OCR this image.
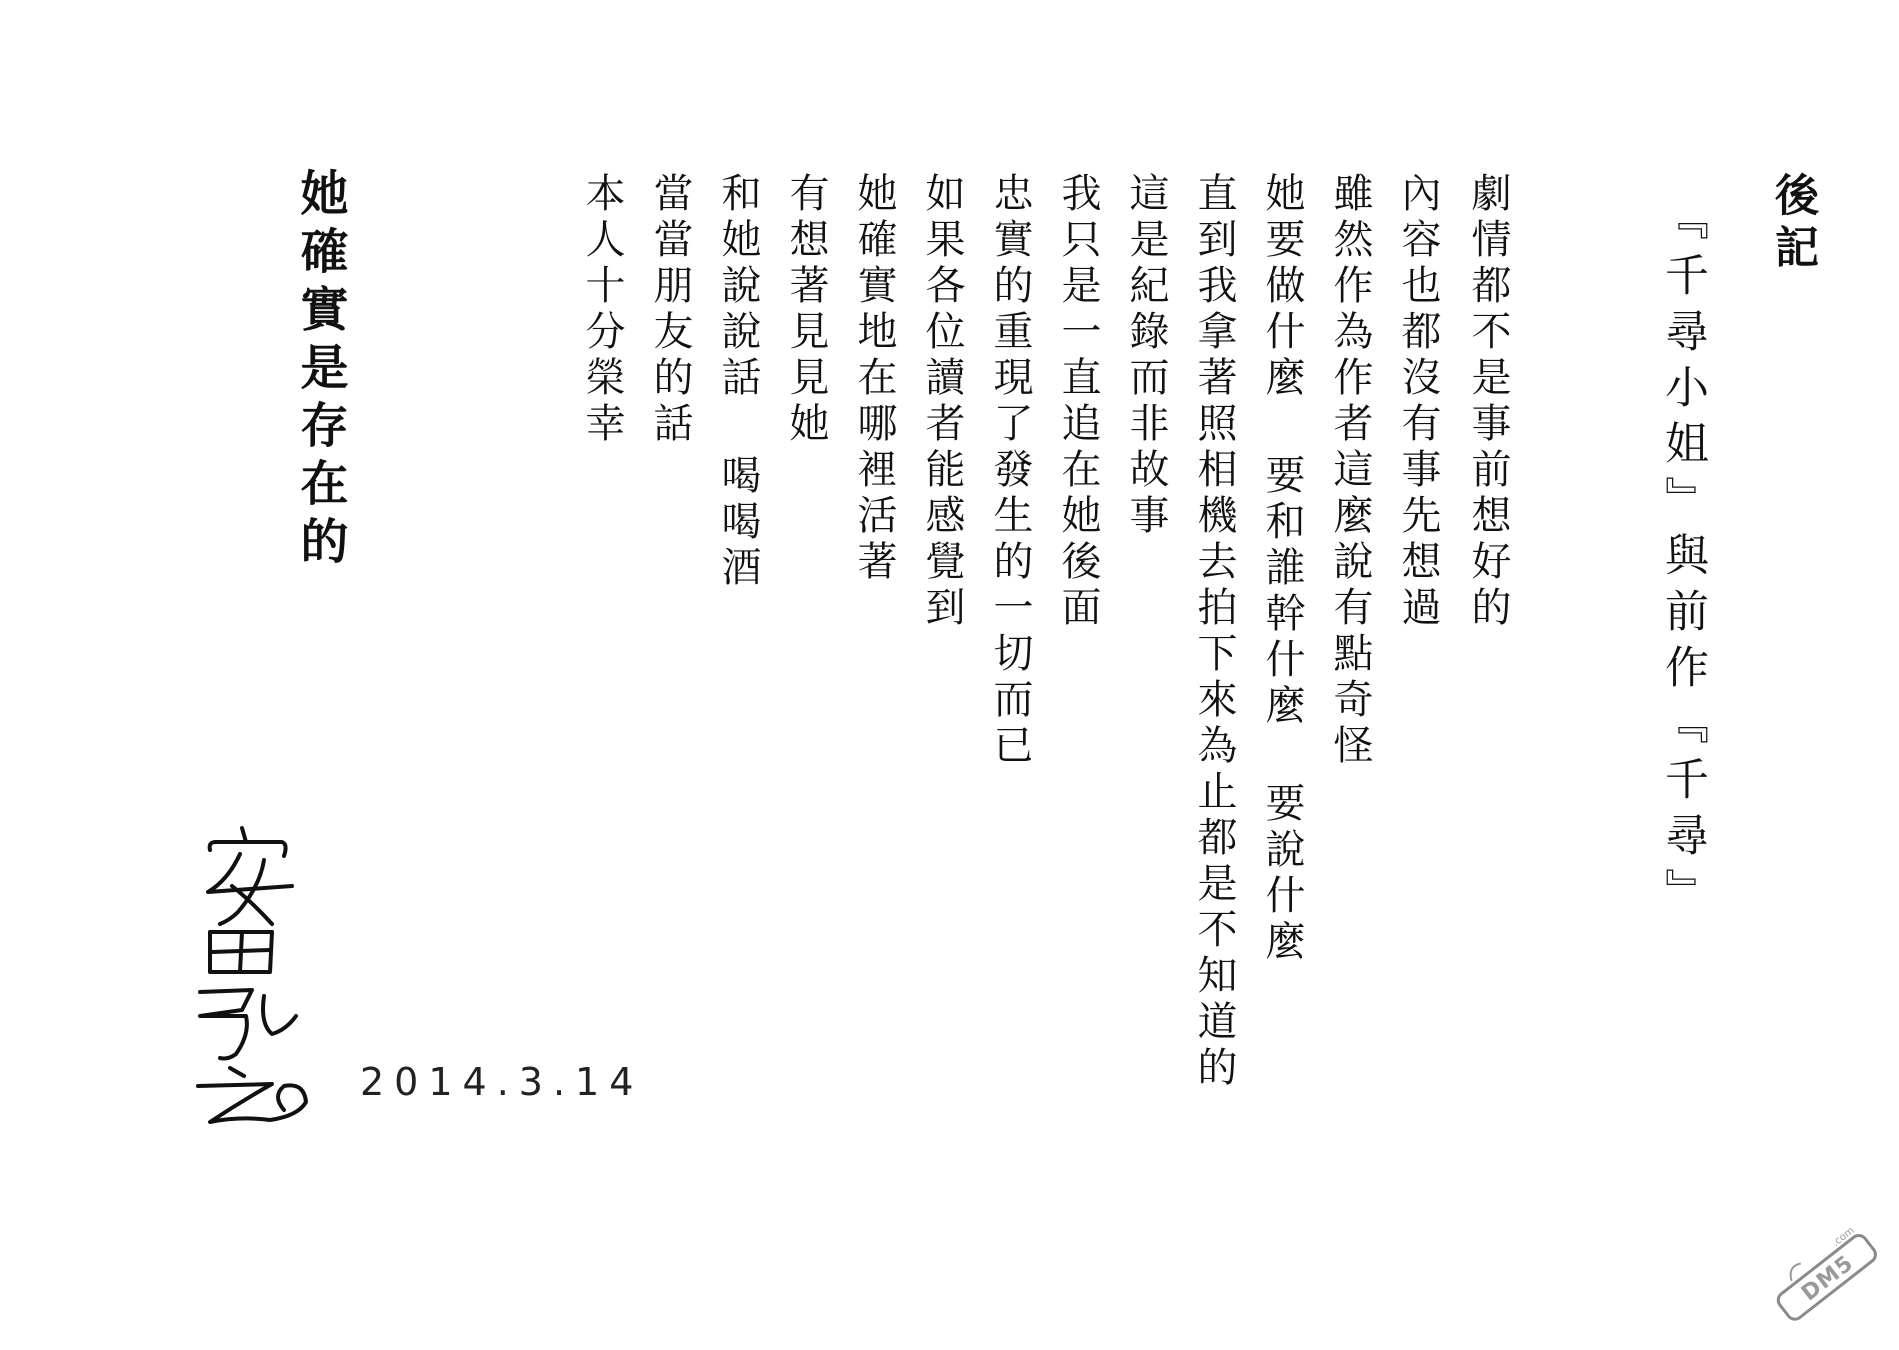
後記
『千尋小姐』與前作『千尋』
劇情都不是事前想好的
內容也都沒有事先想過
雖然作為作者這麼說有點奇怪
她要做什麼 要和誰幹什麼 要說什麼
直到我拿著照相機去拍下來為止都是不知道的
這是紀錄而非故事
我只是一直追在她後面
忠實的重現了發生的一切而已
如果各位讀者能感覺到
她確實地在哪裡活著
有想著見見她
和她說說話 喝喝酒
當當朋友的話
本人十分榮幸
她確實是存在的
2014.3.14
DM5
.com
